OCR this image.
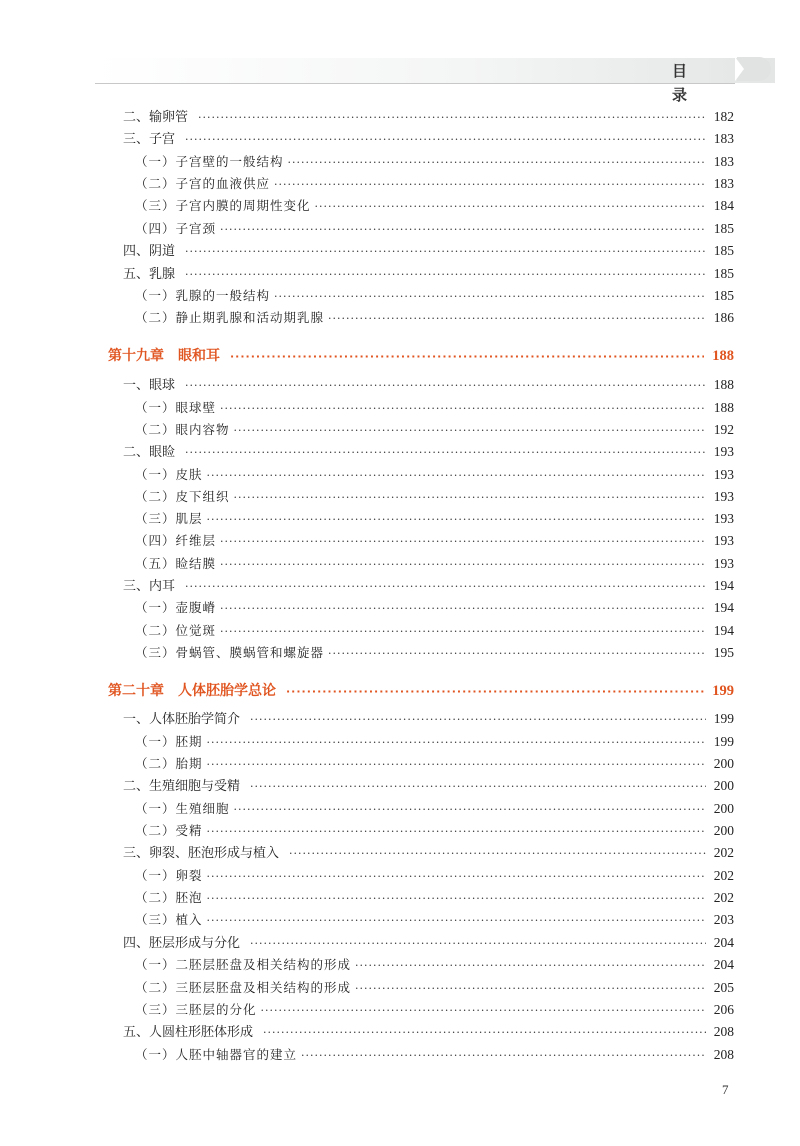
目 录
二、输卵管 ·····	182
三、子宫 ·····	183
（一）子宫壁的一般结构 ·····	183
（二）子宫的血液供应 ·····	183
（三）子宫内膜的周期性变化 ·····	184
（四）子宫颈 ·····	185
四、阴道 ·····	185
五、乳腺 ·····	185
（一）乳腺的一般结构 ·····	185
（二）静止期乳腺和活动期乳腺 ·····	186
第十九章　眼和耳 ·····	188
一、眼球 ·····	188
（一）眼球壁 ·····	188
（二）眼内容物 ·····	192
二、眼睑 ·····	193
（一）皮肤 ·····	193
（二）皮下组织 ·····	193
（三）肌层 ·····	193
（四）纤维层 ·····	193
（五）睑结膜 ·····	193
三、内耳 ·····	194
（一）壶腹嵴 ·····	194
（二）位觉斑 ·····	194
（三）骨蜗管、膜蜗管和螺旋器 ·····	195
第二十章　人体胚胎学总论 ·····	199
一、人体胚胎学简介 ·····	199
（一）胚期 ·····	199
（二）胎期 ·····	200
二、生殖细胞与受精 ·····	200
（一）生殖细胞 ·····	200
（二）受精 ·····	200
三、卵裂、胚泡形成与植入 ·····	202
（一）卵裂 ·····	202
（二）胚泡 ·····	202
（三）植入 ·····	203
四、胚层形成与分化 ·····	204
（一）二胚层胚盘及相关结构的形成 ·····	204
（二）三胚层胚盘及相关结构的形成 ·····	205
（三）三胚层的分化 ·····	206
五、人圆柱形胚体形成 ·····	208
（一）人胚中轴器官的建立 ·····	208
7
